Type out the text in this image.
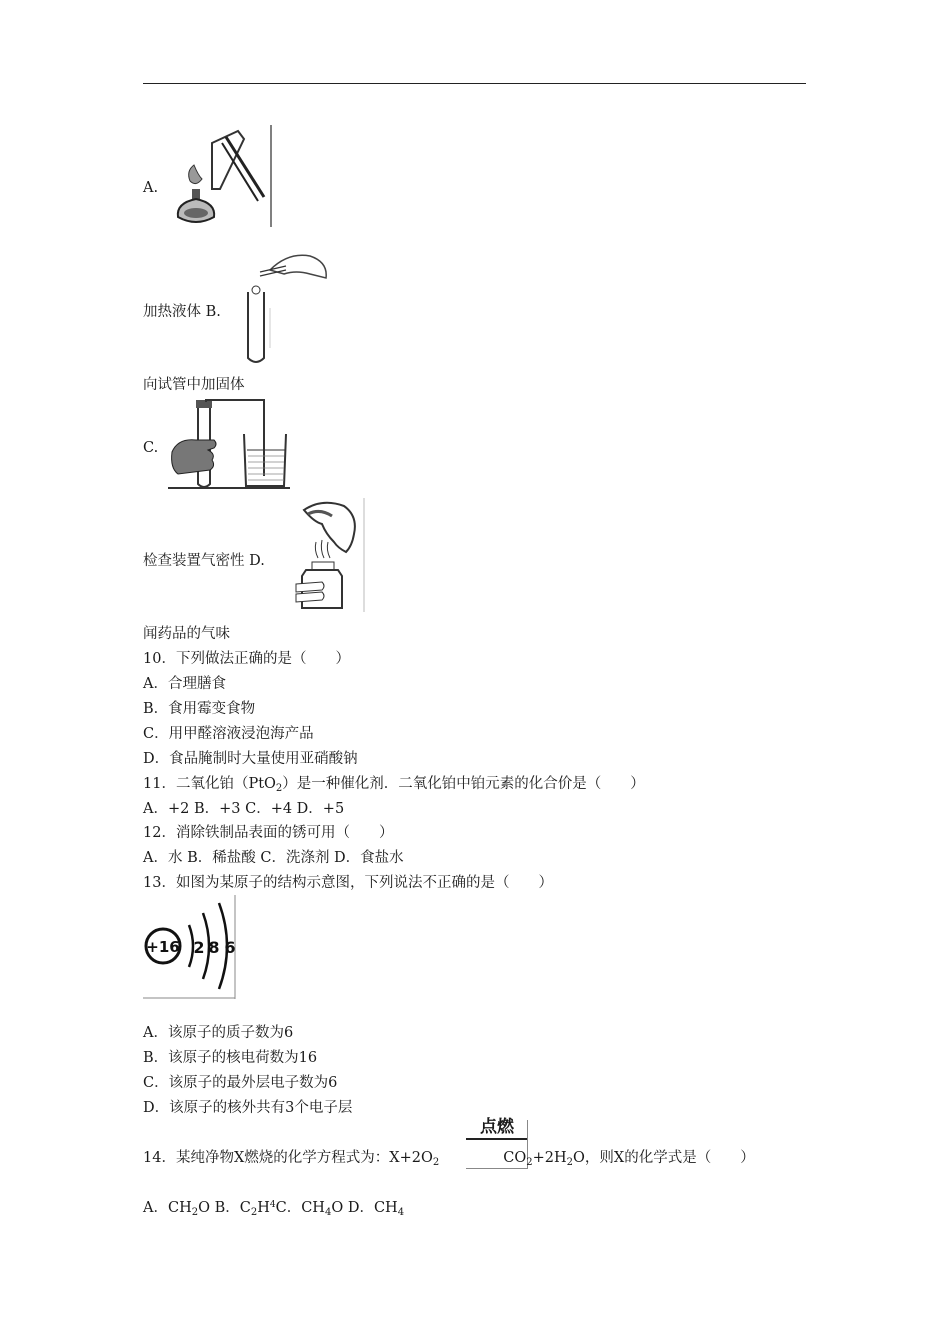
A.
加热液体 B.
向试管中加固体
C.
检查装置气密性 D.
闻药品的气味
10．下列做法正确的是（　　）
A．合理膳食
B．食用霉变食物
C．用甲醛溶液浸泡海产品
D．食品腌制时大量使用亚硝酸钠
11．二氧化铂（PtO$_2$）是一种催化剂．二氧化铂中铂元素的化合价是（　　）
A．+2 B．+3 C．+4 D．+5
12．消除铁制品表面的锈可用（　　）
A．水 B．稀盐酸 C．洗涤剂 D．食盐水
13．如图为某原子的结构示意图，下列说法不正确的是（　　）
+16 2 8 6
A．该原子的质子数为6
B．该原子的核电荷数为16
C．该原子的最外层电子数为6
D．该原子的核外共有3个电子层
点燃
14．某纯净物X燃烧的化学方程式为：$X+2O_2$	$CO_2+2H_2O$，则X的化学式是（　　）
A．$CH_2O$ B．$C_2H^4C$．$CH_4O$ D．$CH_4$
